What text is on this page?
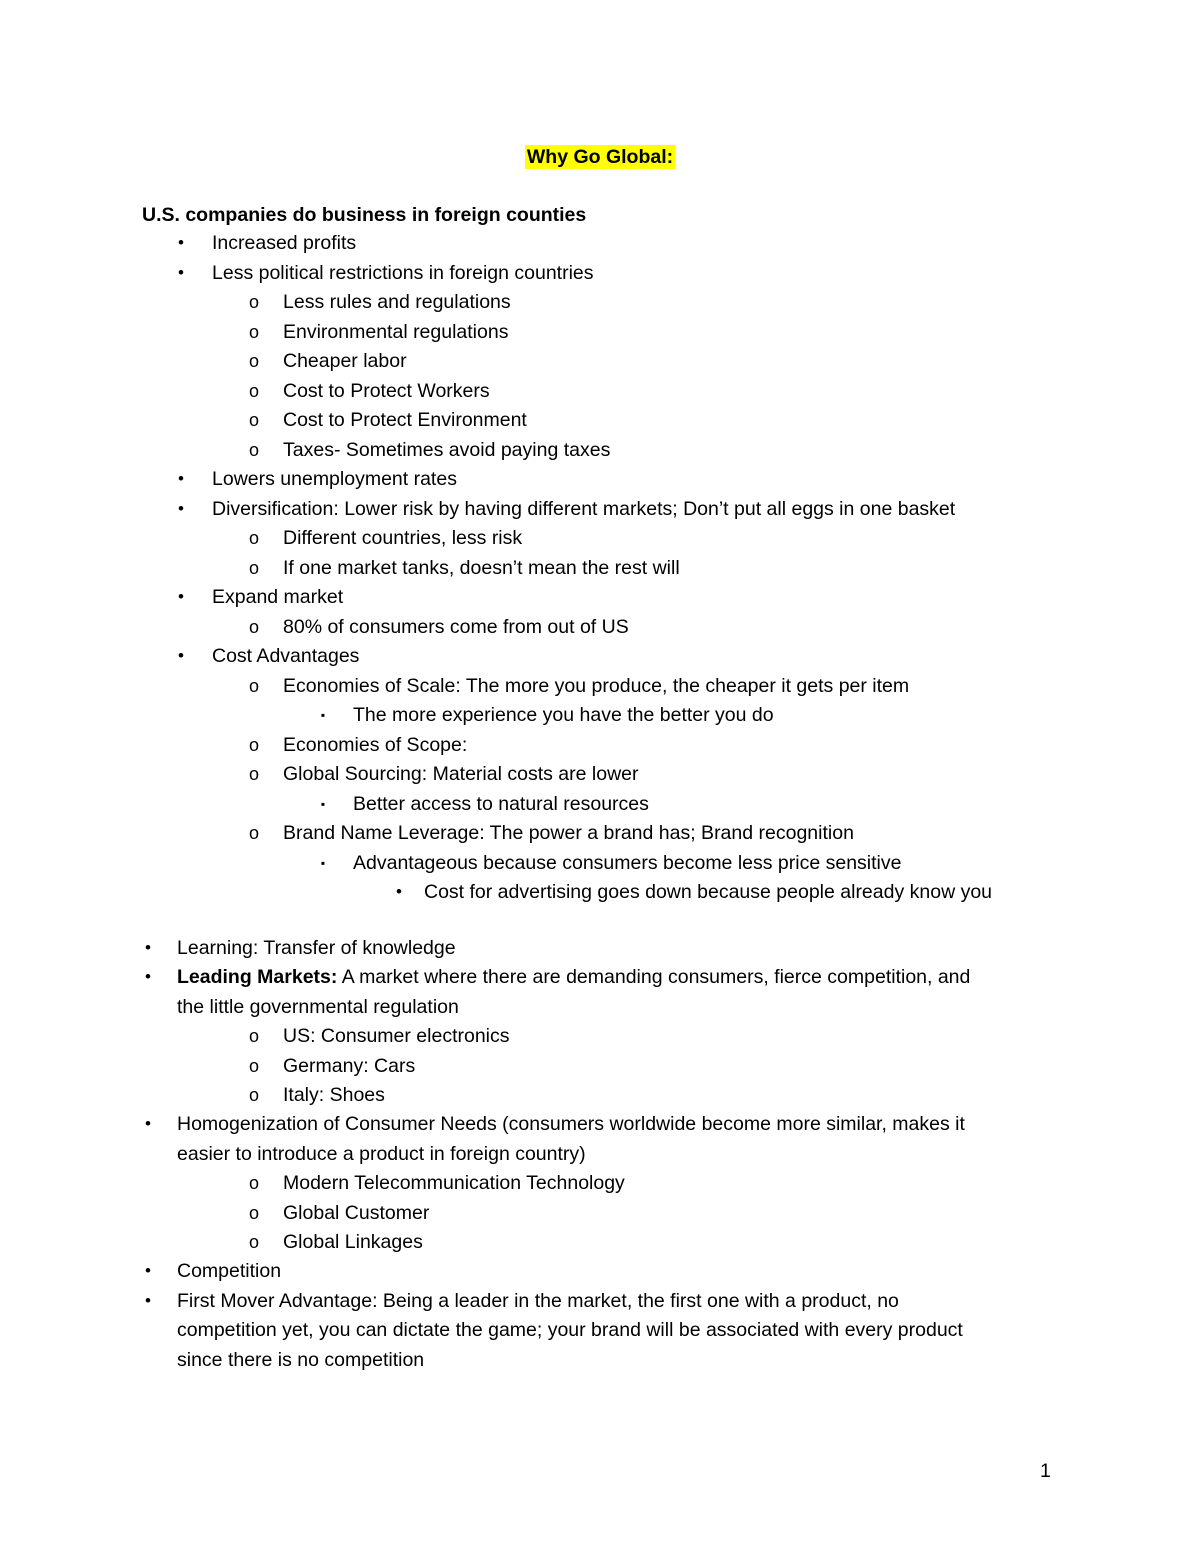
Why Go Global:
U.S. companies do business in foreign counties
•	Increased profits
•	Less political restrictions in foreign countries
o Less rules and regulations
o Environmental regulations
o Cheaper labor
o Cost to Protect Workers
o Cost to Protect Environment
o Taxes- Sometimes avoid paying taxes
•	Lowers unemployment rates
•	Diversification: Lower risk by having different markets; Don’t put all eggs in one basket
o Different countries, less risk
o If one market tanks, doesn’t mean the rest will
•	Expand market
o 80% of consumers come from out of US
•	Cost Advantages
o Economies of Scale: The more you produce, the cheaper it gets per item
▪	The more experience you have the better you do
o Economies of Scope:
o Global Sourcing: Material costs are lower
▪	Better access to natural resources
o Brand Name Leverage: The power a brand has; Brand recognition
▪	Advantageous because consumers become less price sensitive
•	Cost for advertising goes down because people already know you
•	Learning: Transfer of knowledge
•	Leading Markets: A market where there are demanding consumers, fierce competition, and
the little governmental regulation
o US: Consumer electronics
o Germany: Cars
o Italy: Shoes
•	Homogenization of Consumer Needs (consumers worldwide become more similar, makes it
easier to introduce a product in foreign country)
o Modern Telecommunication Technology
o Global Customer
o Global Linkages
•	Competition
•	First Mover Advantage: Being a leader in the market, the first one with a product, no
competition yet, you can dictate the game; your brand will be associated with every product
since there is no competition
1
